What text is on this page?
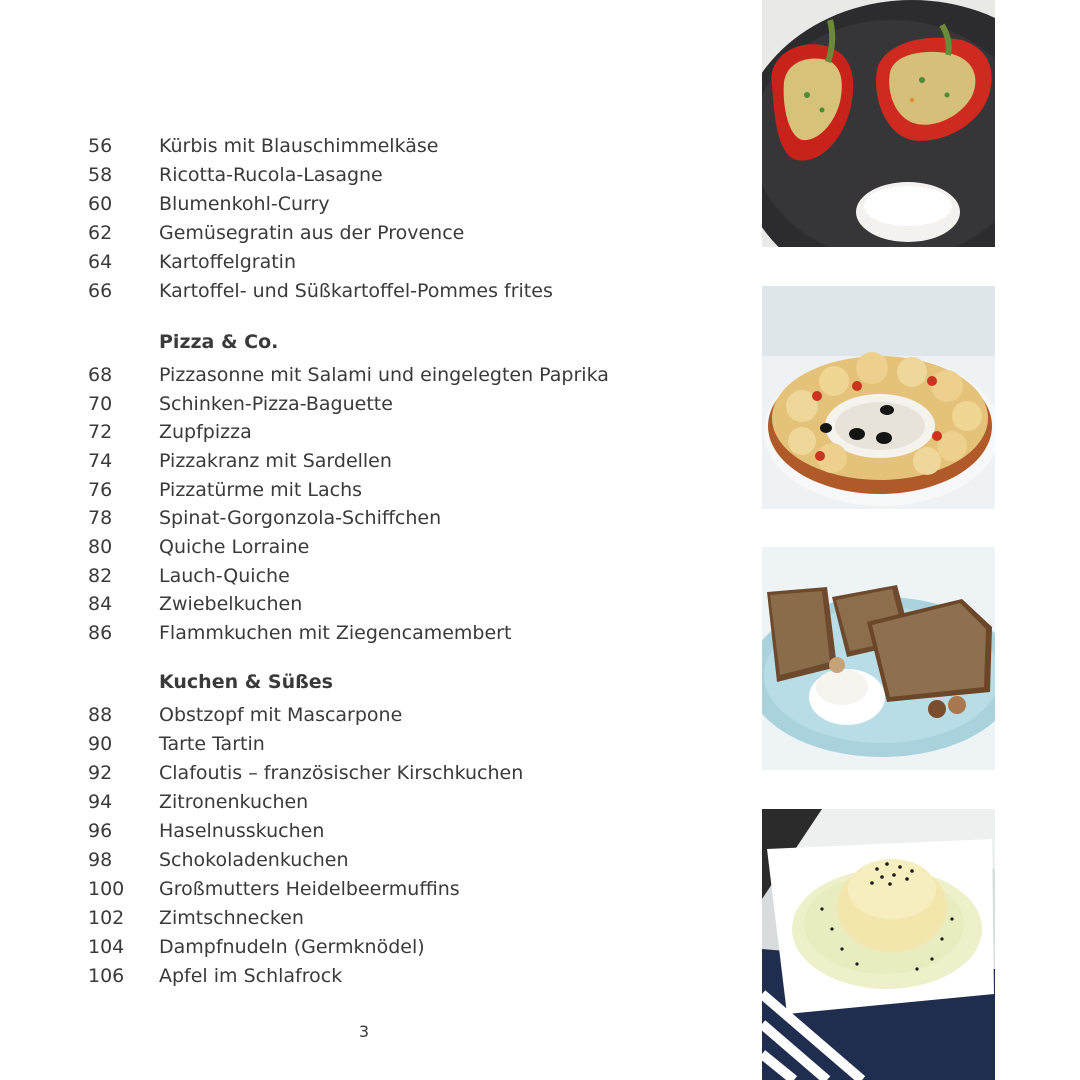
56	Kürbis mit Blauschimmelkäse
58	Ricotta-Rucola-Lasagne
60	Blumenkohl-Curry
62	Gemüsegratin aus der Provence
64	Kartoffelgratin
66	Kartoffel- und Süßkartoffel-Pommes frites
Pizza & Co.
68	Pizzasonne mit Salami und eingelegten Paprika
70	Schinken-Pizza-Baguette
72	Zupfpizza
74	Pizzakranz mit Sardellen
76	Pizzatürme mit Lachs
78	Spinat-Gorgonzola-Schiffchen
80	Quiche Lorraine
82	Lauch-Quiche
84	Zwiebelkuchen
86	Flammkuchen mit Ziegencamembert
Kuchen & Süßes
88	Obstzopf mit Mascarpone
90	Tarte Tartin
92	Clafoutis – französischer Kirschkuchen
94	Zitronenkuchen
96	Haselnusskuchen
98	Schokoladenkuchen
100	Großmutters Heidelbeermuffins
102	Zimtschnecken
104	Dampfnudeln (Germknödel)
106	Apfel im Schlafrock
3
